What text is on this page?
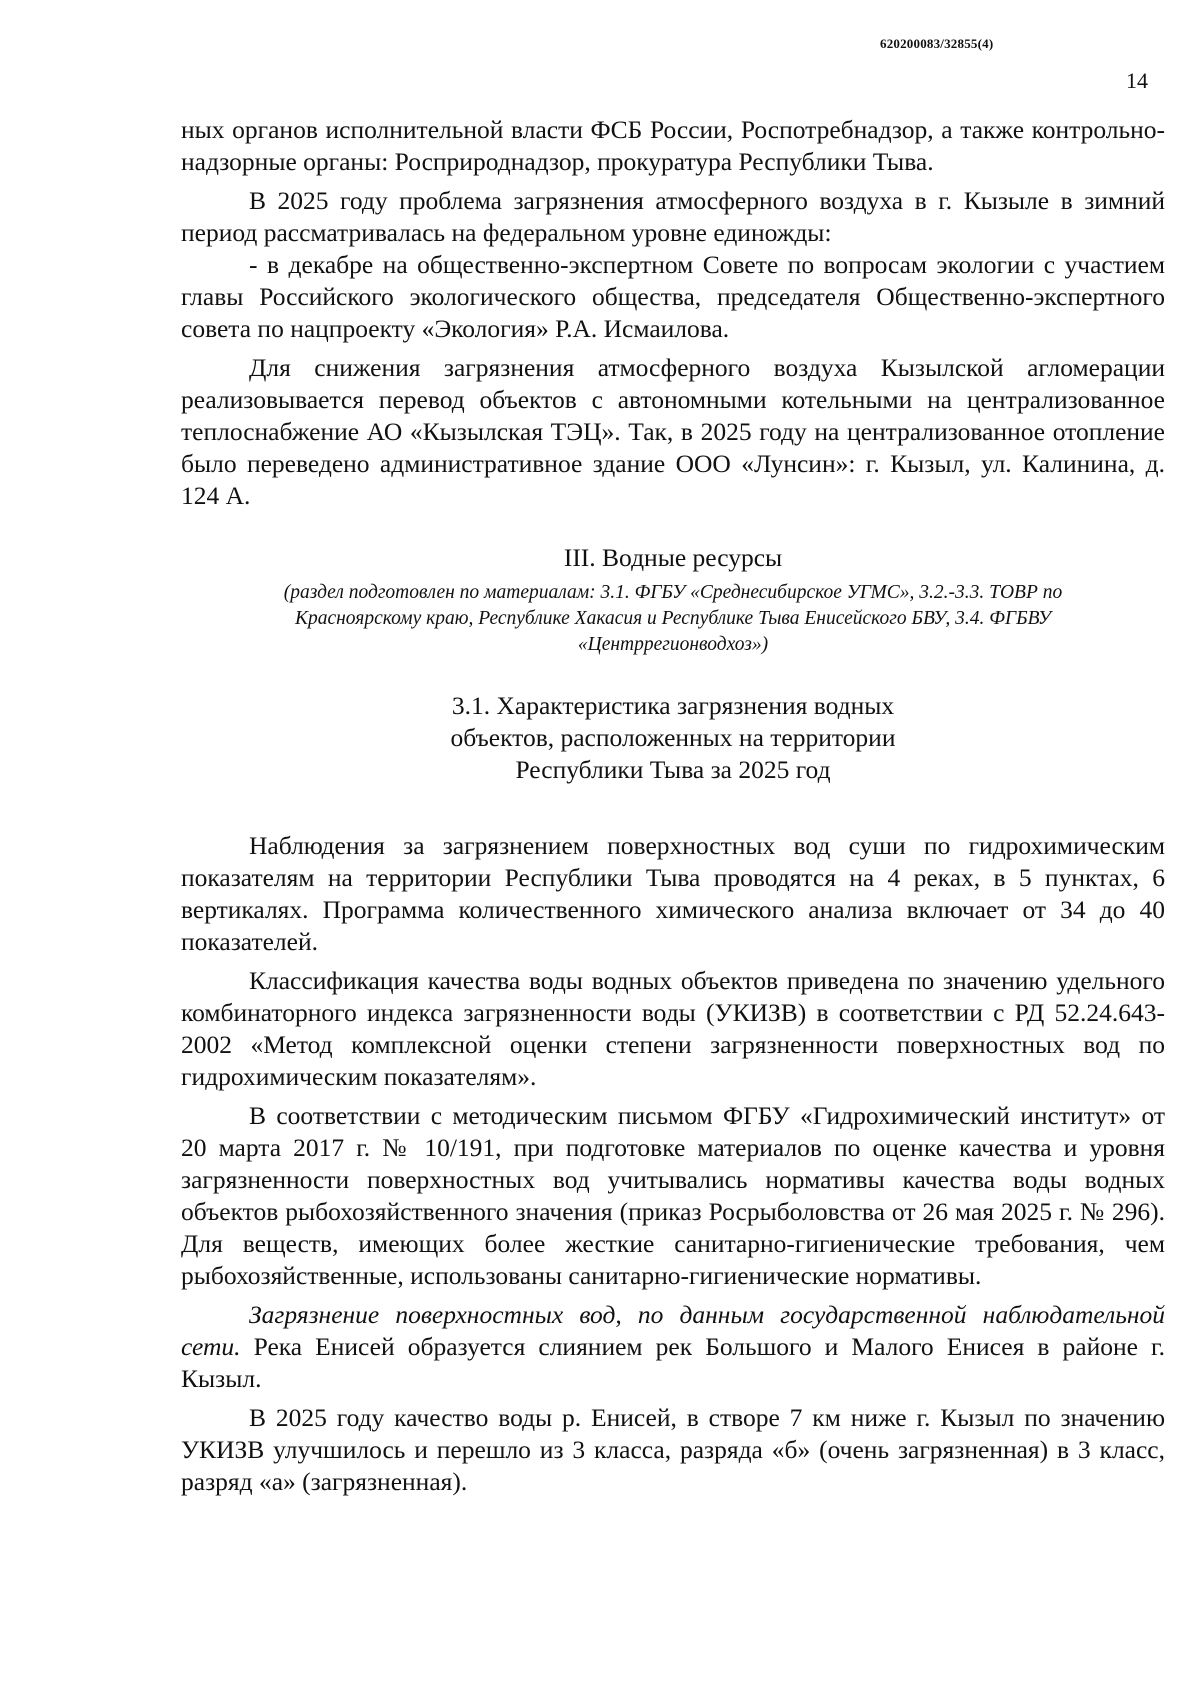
620200083/32855(4)
14

ных органов исполнительной власти ФСБ России, Роспотребнадзор, а также контрольно-надзорные органы: Росприроднадзор, прокуратура Республики Тыва.

В 2025 году проблема загрязнения атмосферного воздуха в г. Кызыле в зимний период рассматривалась на федеральном уровне единожды:

- в декабре на общественно-экспертном Совете по вопросам экологии с участием главы Российского экологического общества, председателя Общественно-экспертного совета по нацпроекту «Экология» Р.А. Исмаилова.

Для снижения загрязнения атмосферного воздуха Кызылской агломерации реализовывается перевод объектов с автономными котельными на централизованное теплоснабжение АО «Кызылская ТЭЦ». Так, в 2025 году на централизованное отопление было переведено административное здание ООО «Лунсин»: г. Кызыл, ул. Калинина, д. 124 А.

III. Водные ресурсы

(раздел подготовлен по материалам: 3.1. ФГБУ «Среднесибирское УГМС», 3.2.-3.3. ТОВР по Красноярскому краю, Республике Хакасия и Республике Тыва Енисейского БВУ, 3.4. ФГБВУ «Центррегионводхоз»)

3.1. Характеристика загрязнения водных
объектов, расположенных на территории
Республики Тыва за 2025 год

Наблюдения за загрязнением поверхностных вод суши по гидрохимическим показателям на территории Республики Тыва проводятся на 4 реках, в 5 пунктах, 6 вертикалях. Программа количественного химического анализа включает от 34 до 40 показателей.

Классификация качества воды водных объектов приведена по значению удельного комбинаторного индекса загрязненности воды (УКИЗВ) в соответствии с РД 52.24.643-2002 «Метод комплексной оценки степени загрязненности поверхностных вод по гидрохимическим показателям».

В соответствии с методическим письмом ФГБУ «Гидрохимический институт» от 20 марта 2017 г. № 10/191, при подготовке материалов по оценке качества и уровня загрязненности поверхностных вод учитывались нормативы качества воды водных объектов рыбохозяйственного значения (приказ Росрыболовства от 26 мая 2025 г. № 296). Для веществ, имеющих более жесткие санитарно-гигиенические требования, чем рыбохозяйственные, использованы санитарно-гигиенические нормативы.

Загрязнение поверхностных вод, по данным государственной наблюдательной сети. Река Енисей образуется слиянием рек Большого и Малого Енисея в районе г. Кызыл.

В 2025 году качество воды р. Енисей, в створе 7 км ниже г. Кызыл по значению УКИЗВ улучшилось и перешло из 3 класса, разряда «б» (очень загрязненная) в 3 класс, разряд «а» (загрязненная).
